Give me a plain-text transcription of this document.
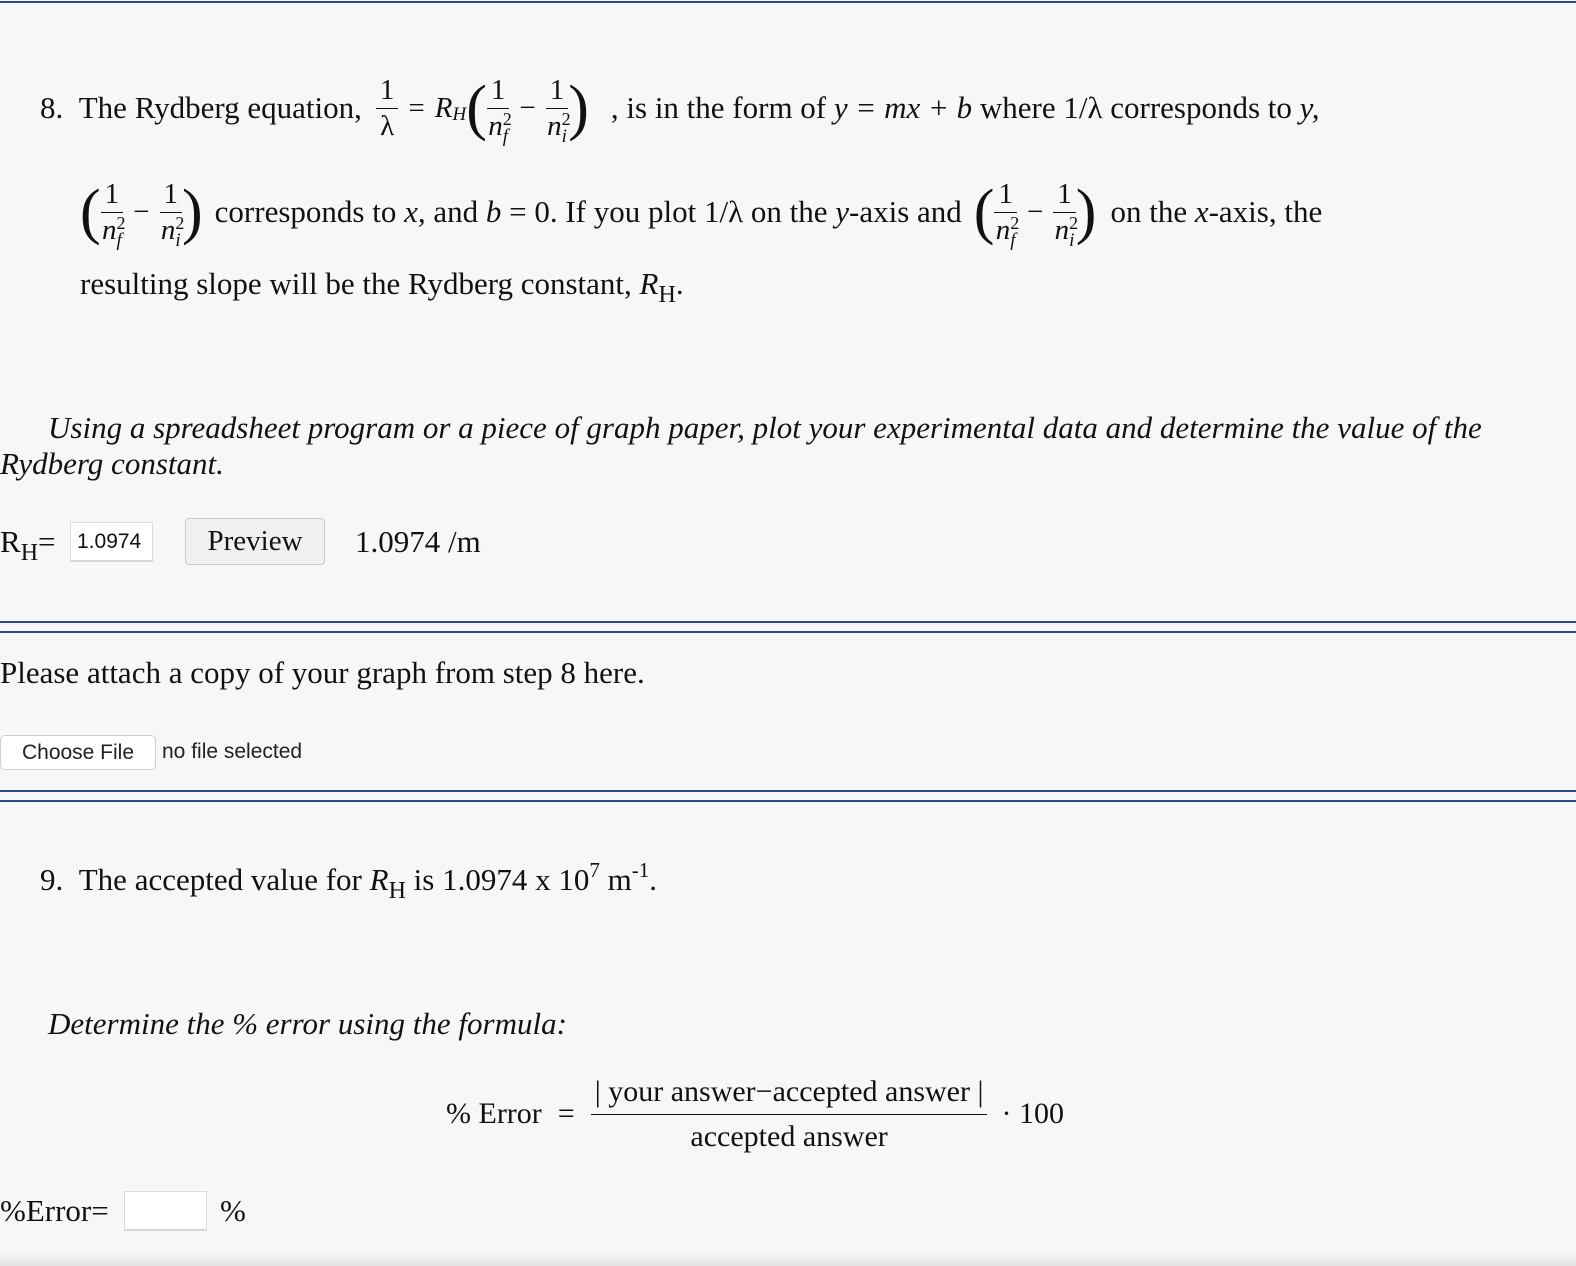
8.
The Rydberg equation, $\frac{1}{\lambda} = R$ H ( $\frac{1}{n^2_f} - \frac{1}{n^2_i}$ ) , is in the form of
y = mx + b
where 1/λ corresponds to
y,
( $\frac{1}{n^2_f} - \frac{1}{n^2_i}$ ) corresponds to
x,
and
b
= 0. If you plot 1/λ on the
y -axis and ( $\frac{1}{n^2_f} - \frac{1}{n^2_i}$ ) on the
x -axis, the
resulting slope will be the Rydberg constant, $R_H$.
Using a spreadsheet program or a piece of graph paper, plot your experimental data and determine the value of the
Rydberg constant.
$R_H=$
1.0974	Preview	1.0974 /m
Please attach a copy of your graph from step 8 here.
Choose File	no file selected
9. The accepted value for $R_H$ is 1.0974 x $10^7$ $m^{-1}$.
Determine the % error using the formula:
% Error = $\frac{\text{| your answer−accepted answer |}}{\text{accepted answer}} \cdot 100$
%Error=	%
